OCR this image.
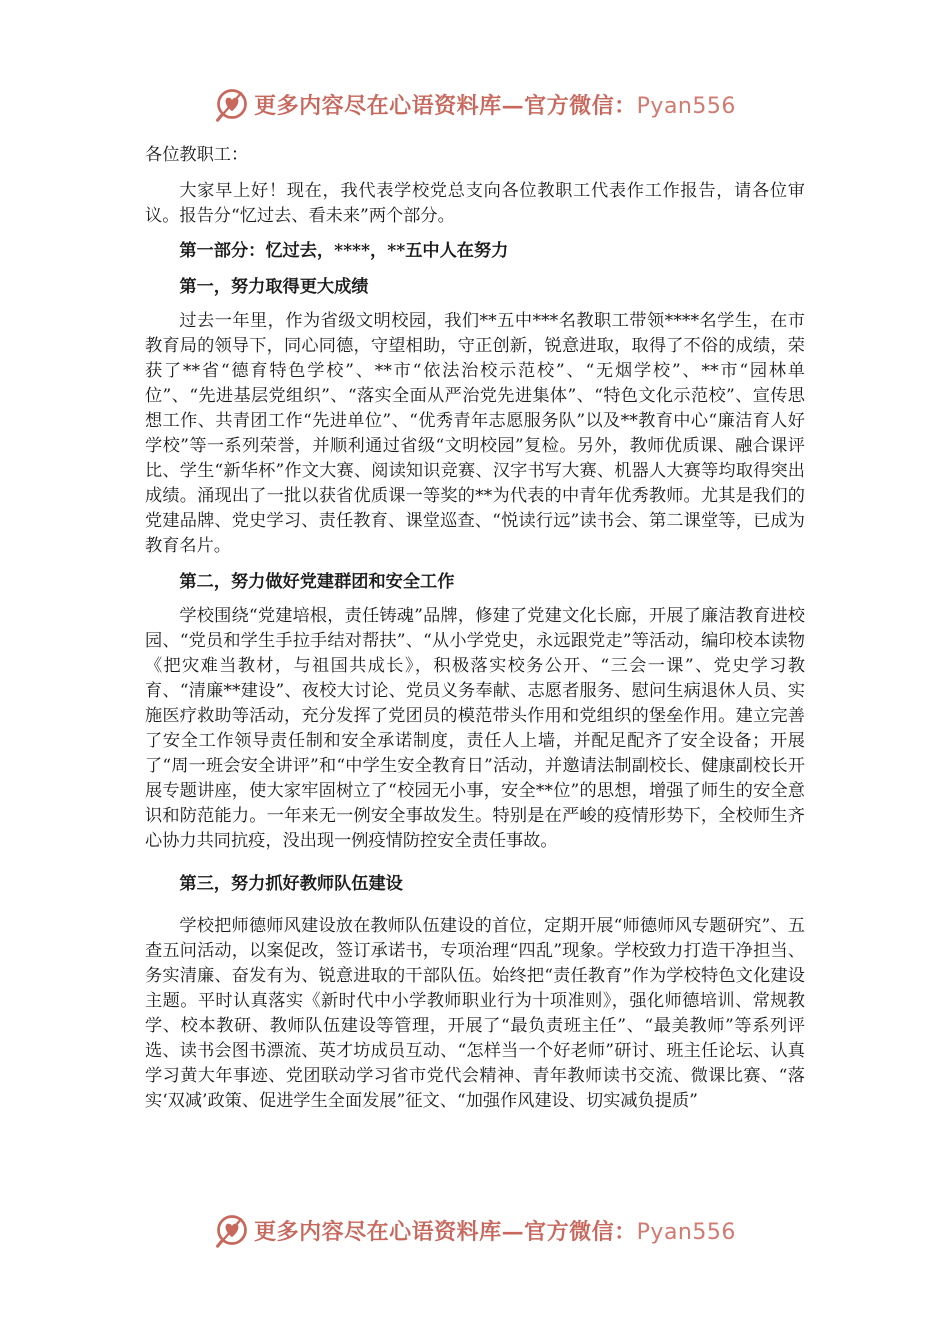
更多内容尽在心语资料库—官方微信：Pyan556

各位教职工：

大家早上好！现在，我代表学校党总支向各位教职工代表作工作报告，请各位审议。报告分“忆过去、看未来”两个部分。

第一部分：忆过去，****，**五中人在努力

第一，努力取得更大成绩

过去一年里，作为省级文明校园，我们**五中***名教职工带领****名学生，在市教育局的领导下，同心同德，守望相助，守正创新，锐意进取，取得了不俗的成绩，荣获了**省“德育特色学校”、**市“依法治校示范校”、“无烟学校”、**市“园林单位”、“先进基层党组织”、“落实全面从严治党先进集体”、“特色文化示范校”、宣传思想工作、共青团工作“先进单位”、“优秀青年志愿服务队”以及**教育中心“廉洁育人好学校”等一系列荣誉，并顺利通过省级“文明校园”复检。另外，教师优质课、融合课评比、学生“新华杯”作文大赛、阅读知识竞赛、汉字书写大赛、机器人大赛等均取得突出成绩。涌现出了一批以获省优质课一等奖的**为代表的中青年优秀教师。尤其是我们的党建品牌、党史学习、责任教育、课堂巡查、“悦读行远”读书会、第二课堂等，已成为教育名片。

第二，努力做好党建群团和安全工作

学校围绕“党建培根，责任铸魂”品牌，修建了党建文化长廊，开展了廉洁教育进校园、“党员和学生手拉手结对帮扶”、“从小学党史，永远跟党走”等活动，编印校本读物《把灾难当教材，与祖国共成长》，积极落实校务公开、“三会一课”、党史学习教育、“清廉**建设”、夜校大讨论、党员义务奉献、志愿者服务、慰问生病退休人员、实施医疗救助等活动，充分发挥了党团员的模范带头作用和党组织的堡垒作用。建立完善了安全工作领导责任制和安全承诺制度，责任人上墙，并配足配齐了安全设备；开展了“周一班会安全讲评”和“中学生安全教育日”活动，并邀请法制副校长、健康副校长开展专题讲座，使大家牢固树立了“校园无小事，安全**位”的思想，增强了师生的安全意识和防范能力。一年来无一例安全事故发生。特别是在严峻的疫情形势下，全校师生齐心协力共同抗疫，没出现一例疫情防控安全责任事故。

第三，努力抓好教师队伍建设

学校把师德师风建设放在教师队伍建设的首位，定期开展“师德师风专题研究”、五查五问活动，以案促改，签订承诺书，专项治理“四乱”现象。学校致力打造干净担当、务实清廉、奋发有为、锐意进取的干部队伍。始终把“责任教育”作为学校特色文化建设主题。平时认真落实《新时代中小学教师职业行为十项准则》，强化师德培训、常规教学、校本教研、教师队伍建设等管理，开展了“最负责班主任”、“最美教师”等系列评选、读书会图书漂流、英才坊成员互动、“怎样当一个好老师”研讨、班主任论坛、认真学习黄大年事迹、党团联动学习省市党代会精神、青年教师读书交流、微课比赛、“落实‘双减’政策、促进学生全面发展”征文、“加强作风建设、切实减负提质”

更多内容尽在心语资料库—官方微信：Pyan556
